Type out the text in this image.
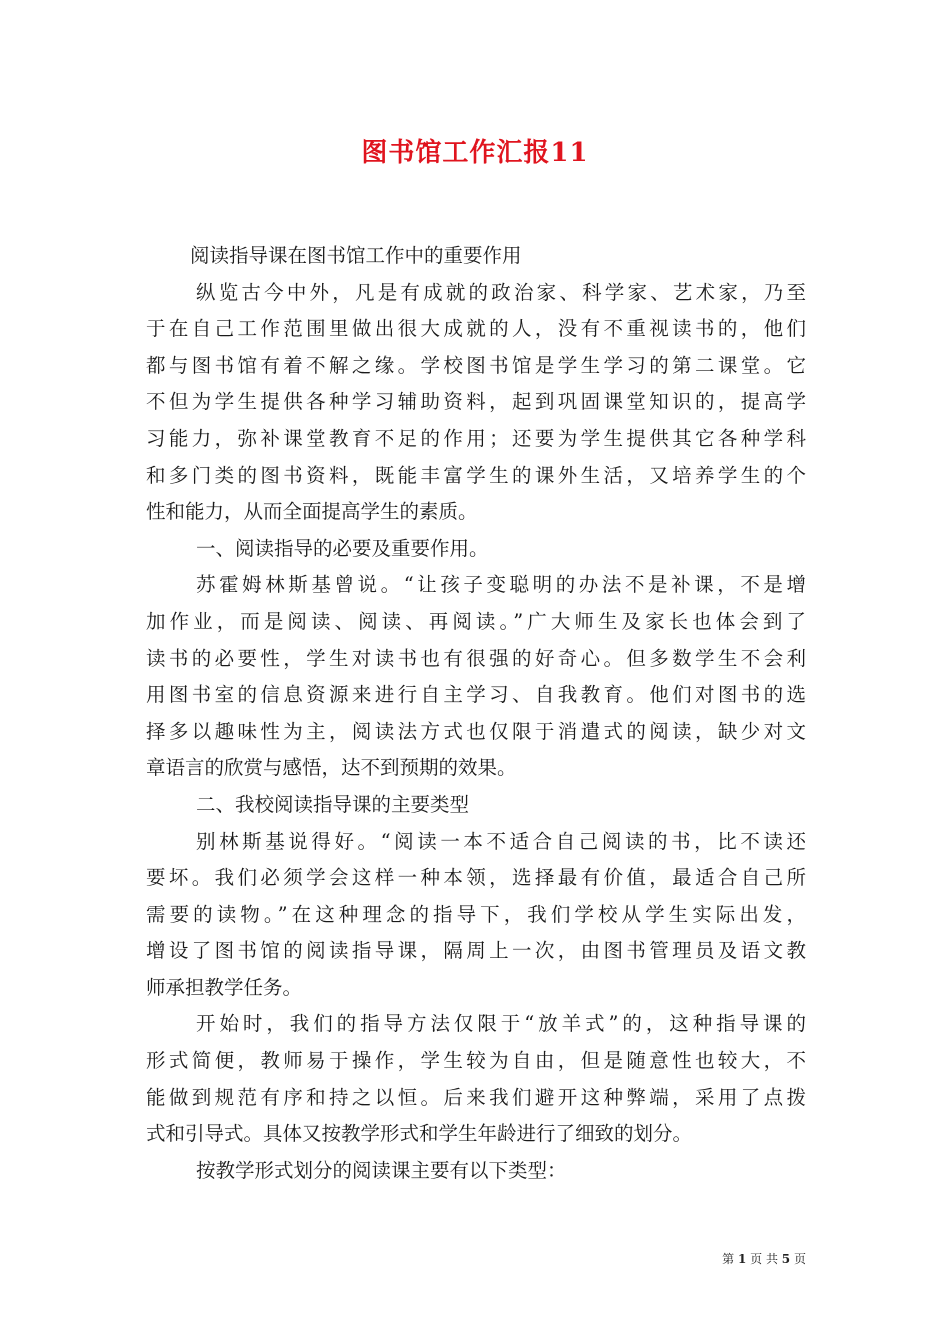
图书馆工作汇报11
阅读指导课在图书馆工作中的重要作用
纵览古今中外，凡是有成就的政治家、科学家、艺术家，乃至
于在自己工作范围里做出很大成就的人，没有不重视读书的，他们
都与图书馆有着不解之缘。学校图书馆是学生学习的第二课堂。它
不但为学生提供各种学习辅助资料，起到巩固课堂知识的，提高学
习能力，弥补课堂教育不足的作用；还要为学生提供其它各种学科
和多门类的图书资料，既能丰富学生的课外生活，又培养学生的个
性和能力，从而全面提高学生的素质。
一、阅读指导的必要及重要作用。
苏霍姆林斯基曾说。“让孩子变聪明的办法不是补课，不是增
加作业，而是阅读、阅读、再阅读。”广大师生及家长也体会到了
读书的必要性，学生对读书也有很强的好奇心。但多数学生不会利
用图书室的信息资源来进行自主学习、自我教育。他们对图书的选
择多以趣味性为主，阅读法方式也仅限于消遣式的阅读，缺少对文
章语言的欣赏与感悟，达不到预期的效果。
二、我校阅读指导课的主要类型
别林斯基说得好。“阅读一本不适合自己阅读的书，比不读还
要坏。我们必须学会这样一种本领，选择最有价值，最适合自己所
需要的读物。”在这种理念的指导下，我们学校从学生实际出发，
增设了图书馆的阅读指导课，隔周上一次，由图书管理员及语文教
师承担教学任务。
开始时，我们的指导方法仅限于“放羊式”的，这种指导课的
形式简便，教师易于操作，学生较为自由，但是随意性也较大，不
能做到规范有序和持之以恒。后来我们避开这种弊端，采用了点拨
式和引导式。具体又按教学形式和学生年龄进行了细致的划分。
按教学形式划分的阅读课主要有以下类型：
第 1 页 共 5 页
